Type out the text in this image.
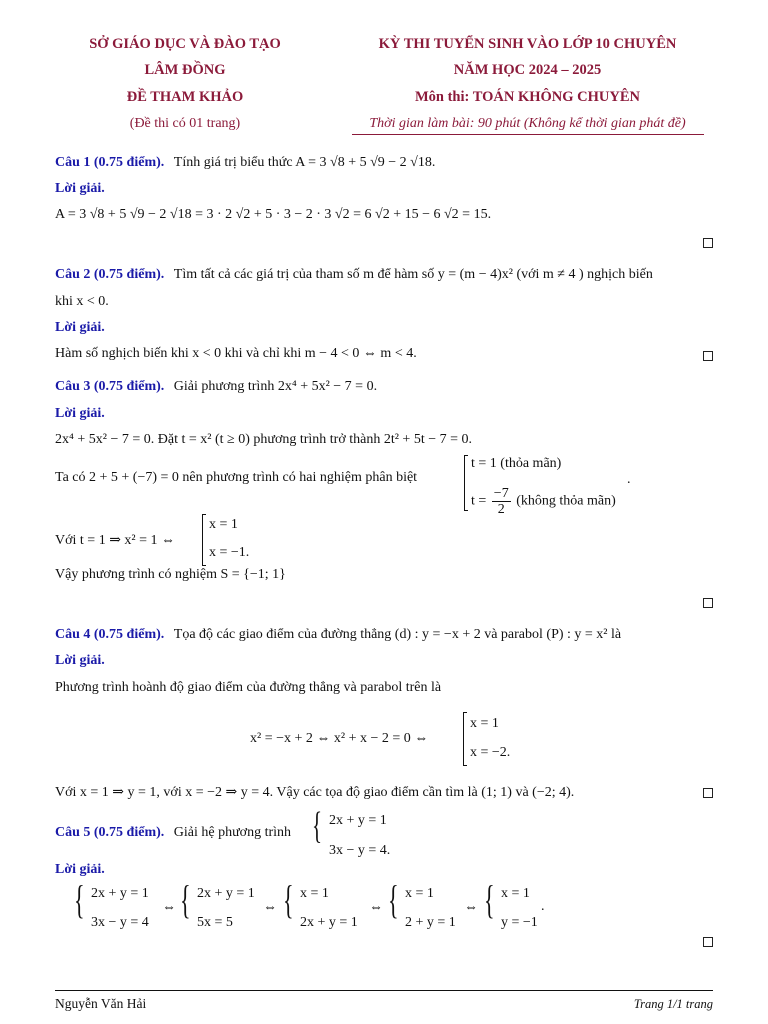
SỞ GIÁO DỤC VÀ ĐÀO TẠO
LÂM ĐỒNG
ĐỀ THAM KHẢO
(Đề thi có 01 trang)
KỲ THI TUYỂN SINH VÀO LỚP 10 CHUYÊN
NĂM HỌC 2024 – 2025
Môn thi: TOÁN KHÔNG CHUYÊN
Thời gian làm bài: 90 phút (Không kể thời gian phát đề)
Câu 1 (0.75 điểm). Tính giá trị biểu thức A = 3 √8 + 5 √9 − 2 √18.
Lời giải.
A = 3 √8 + 5 √9 − 2 √18 = 3 · 2 √2 + 5 · 3 − 2 · 3 √2 = 6 √2 + 15 − 6 √2 = 15.
Câu 2 (0.75 điểm). Tìm tất cả các giá trị của tham số m để hàm số y = (m − 4)x² (với m ≠ 4 ) nghịch biến
khi x < 0.
Lời giải.
Hàm số nghịch biến khi x < 0 khi và chỉ khi m − 4 < 0 ⇔ m < 4.
Câu 3 (0.75 điểm). Giải phương trình 2x⁴ + 5x² − 7 = 0.
Lời giải.
2x⁴ + 5x² − 7 = 0. Đặt t = x² (t ≥ 0) phương trình trở thành 2t² + 5t − 7 = 0.
Ta có 2 + 5 + (−7) = 0 nên phương trình có hai nghiệm phân biệt
t = 1 (thỏa mãn)
$t = \frac{-7}{2}$ (không thỏa mãn)
.
Với t = 1 ⇒ x² = 1 ⇔
x = 1
x = −1.
Vậy phương trình có nghiệm S = {−1; 1}
Câu 4 (0.75 điểm). Tọa độ các giao điểm của đường thẳng (d) : y = −x + 2 và parabol (P) : y = x² là
Lời giải.
Phương trình hoành độ giao điểm của đường thẳng và parabol trên là
x² = −x + 2 ⇔ x² + x − 2 = 0 ⇔
x = 1
x = −2.
Với x = 1 ⇒ y = 1, với x = −2 ⇒ y = 4. Vậy các tọa độ giao điểm cần tìm là (1; 1) và (−2; 4).
Câu 5 (0.75 điểm). Giải hệ phương trình { 2x + y = 1
3x − y = 4.
Lời giải.
{ 2x + y = 1
3x − y = 4
⇔ { 2x + y = 1
5x = 5
⇔ { x = 1
2x + y = 1
⇔ { x = 1
2 + y = 1
⇔ { x = 1
y = −1
.
Nguyễn Văn Hải	Trang 1/1 trang
